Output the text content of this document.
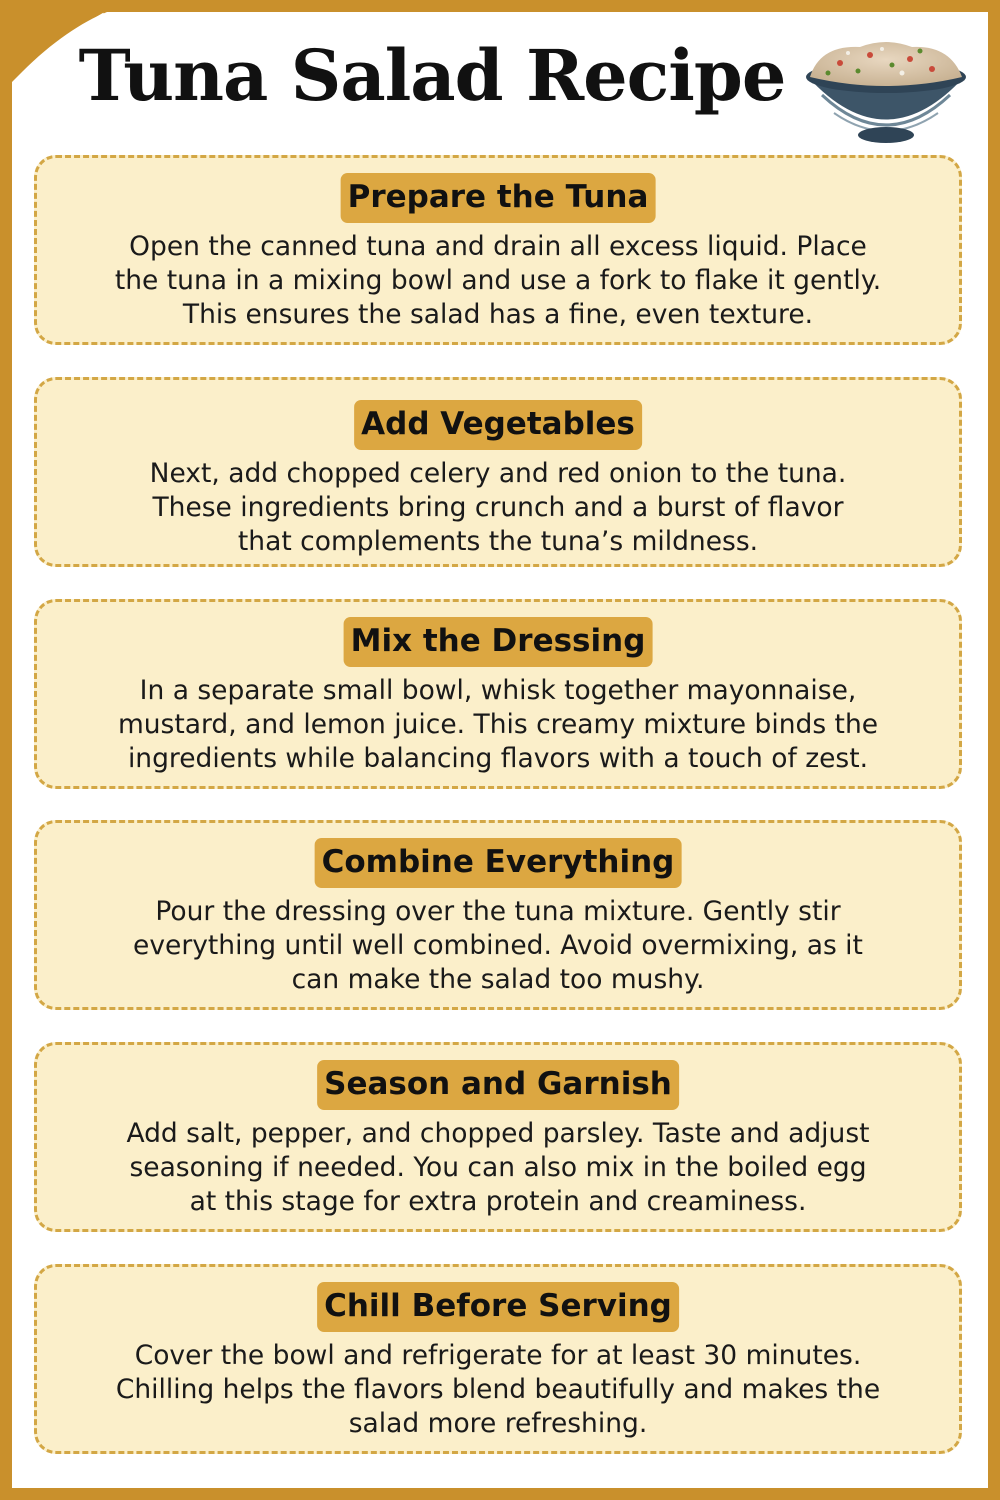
Tuna Salad Recipe
Prepare the Tuna

Open the canned tuna and drain all excess liquid. Place
the tuna in a mixing bowl and use a fork to flake it gently.
This ensures the salad has a fine, even texture.

Add Vegetables

Next, add chopped celery and red onion to the tuna.
These ingredients bring crunch and a burst of flavor
that complements the tuna’s mildness.

Mix the Dressing

In a separate small bowl, whisk together mayonnaise,
mustard, and lemon juice. This creamy mixture binds the
ingredients while balancing flavors with a touch of zest.

Combine Everything

Pour the dressing over the tuna mixture. Gently stir
everything until well combined. Avoid overmixing, as it
can make the salad too mushy.

Season and Garnish

Add salt, pepper, and chopped parsley. Taste and adjust
seasoning if needed. You can also mix in the boiled egg
at this stage for extra protein and creaminess.

Chill Before Serving

Cover the bowl and refrigerate for at least 30 minutes.
Chilling helps the flavors blend beautifully and makes the
salad more refreshing.
